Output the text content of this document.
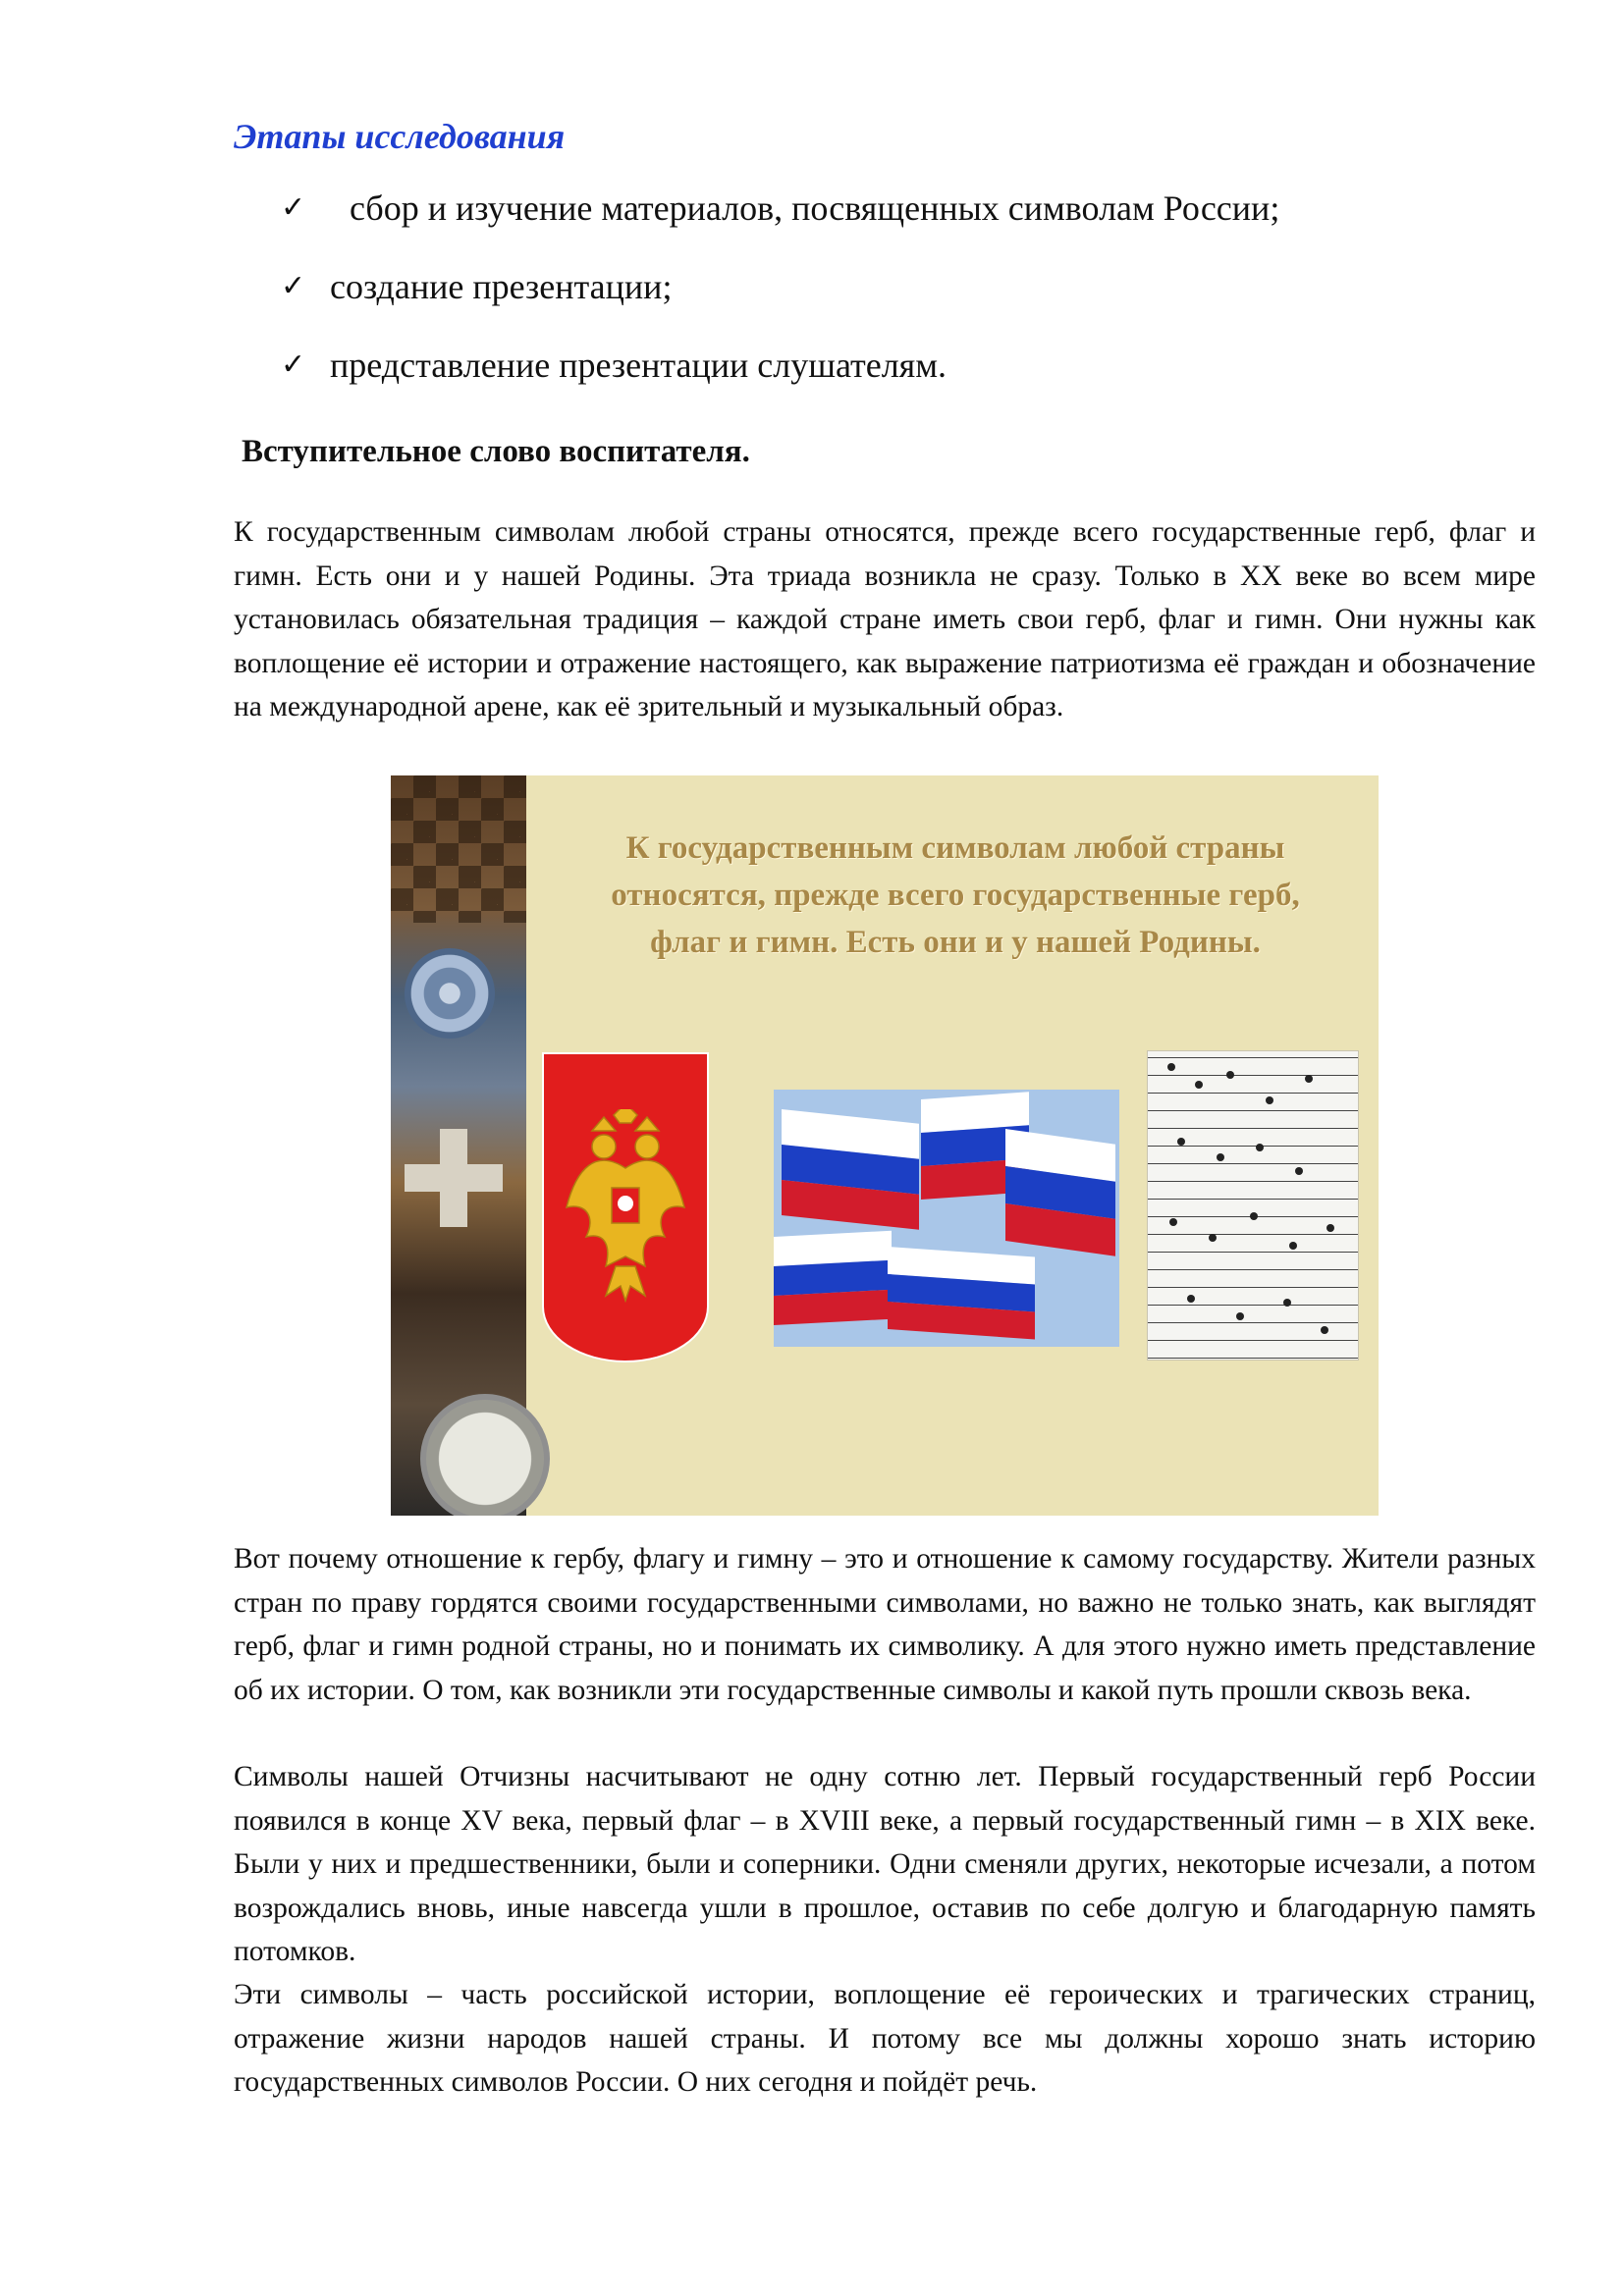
Этапы исследования
✓	сбор и изучение материалов, посвященных символам России;
✓ создание презентации;
✓ представление презентации слушателям.
Вступительное слово воспитателя.

К государственным символам любой страны относятся, прежде всего государственные герб, флаг и гимн. Есть они и у нашей Родины. Эта триада возникла не сразу. Только в XX веке во всем мире установилась обязательная традиция – каждой стране иметь свои герб, флаг и гимн. Они нужны как воплощение её истории и отражение настоящего, как выражение патриотизма её граждан и обозначение на международной арене, как её зрительный и музыкальный образ.

К государственным символам любой страны
относятся, прежде всего государственные герб,
флаг и гимн. Есть они и у нашей Родины.

Вот почему отношение к гербу, флагу и гимну – это и отношение к самому государству. Жители разных стран по праву гордятся своими государственными символами, но важно не только знать, как выглядят герб, флаг и гимн родной страны, но и понимать их символику. А для этого нужно иметь представление об их истории. О том, как возникли эти государственные символы и какой путь прошли сквозь века.

Символы нашей Отчизны насчитывают не одну сотню лет. Первый государственный герб России появился в конце XV века, первый флаг – в XVIII веке, а первый государственный гимн – в XIX веке. Были у них и предшественники, были и соперники. Одни сменяли других, некоторые исчезали, а потом возрождались вновь, иные навсегда ушли в прошлое, оставив по себе долгую и благодарную память потомков.

Эти символы – часть российской истории, воплощение её героических и трагических страниц, отражение жизни народов нашей страны. И потому все мы должны хорошо знать историю государственных символов России. О них сегодня и пойдёт речь.
